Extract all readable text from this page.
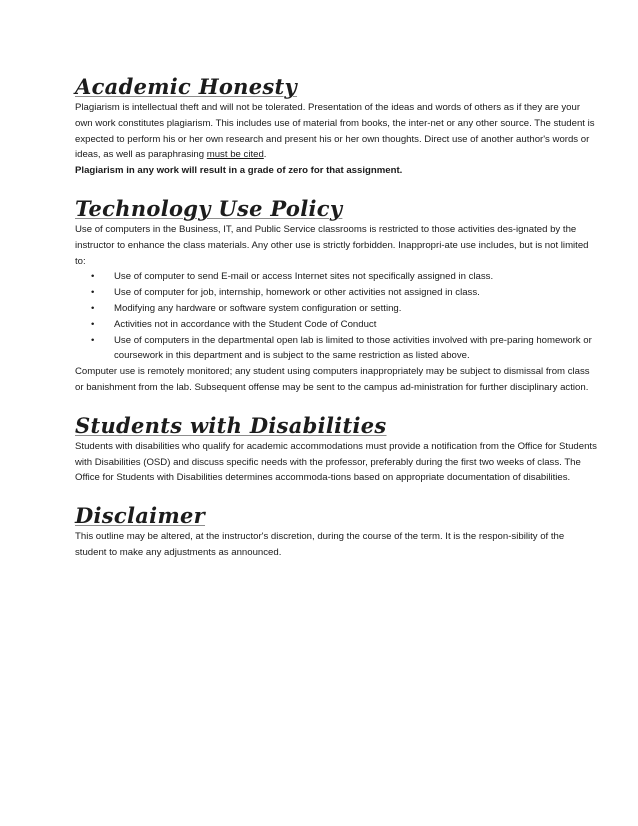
Academic Honesty

Plagiarism is intellectual theft and will not be tolerated. Presentation of the ideas and words of others as if they are your own work constitutes plagiarism. This includes use of material from books, the inter-net or any other source. The student is expected to perform his or her own research and present his or her own thoughts. Direct use of another author's words or ideas, as well as paraphrasing must be cited.

Plagiarism in any work will result in a grade of zero for that assignment.

Technology Use Policy

Use of computers in the Business, IT, and Public Service classrooms is restricted to those activities des-ignated by the instructor to enhance the class materials. Any other use is strictly forbidden. Inappropri-ate use includes, but is not limited to:

• Use of computer to send E-mail or access Internet sites not specifically assigned in class.
• Use of computer for job, internship, homework or other activities not assigned in class.
• Modifying any hardware or software system configuration or setting.
• Activities not in accordance with the Student Code of Conduct
• Use of computers in the departmental open lab is limited to those activities involved with pre-paring homework or coursework in this department and is subject to the same restriction as listed above.

Computer use is remotely monitored; any student using computers inappropriately may be subject to dismissal from class or banishment from the lab. Subsequent offense may be sent to the campus ad-ministration for further disciplinary action.

Students with Disabilities

Students with disabilities who qualify for academic accommodations must provide a notification from the Office for Students with Disabilities (OSD) and discuss specific needs with the professor, preferably during the first two weeks of class. The Office for Students with Disabilities determines accommoda-tions based on appropriate documentation of disabilities.

Disclaimer

This outline may be altered, at the instructor's discretion, during the course of the term. It is the respon-sibility of the student to make any adjustments as announced.
